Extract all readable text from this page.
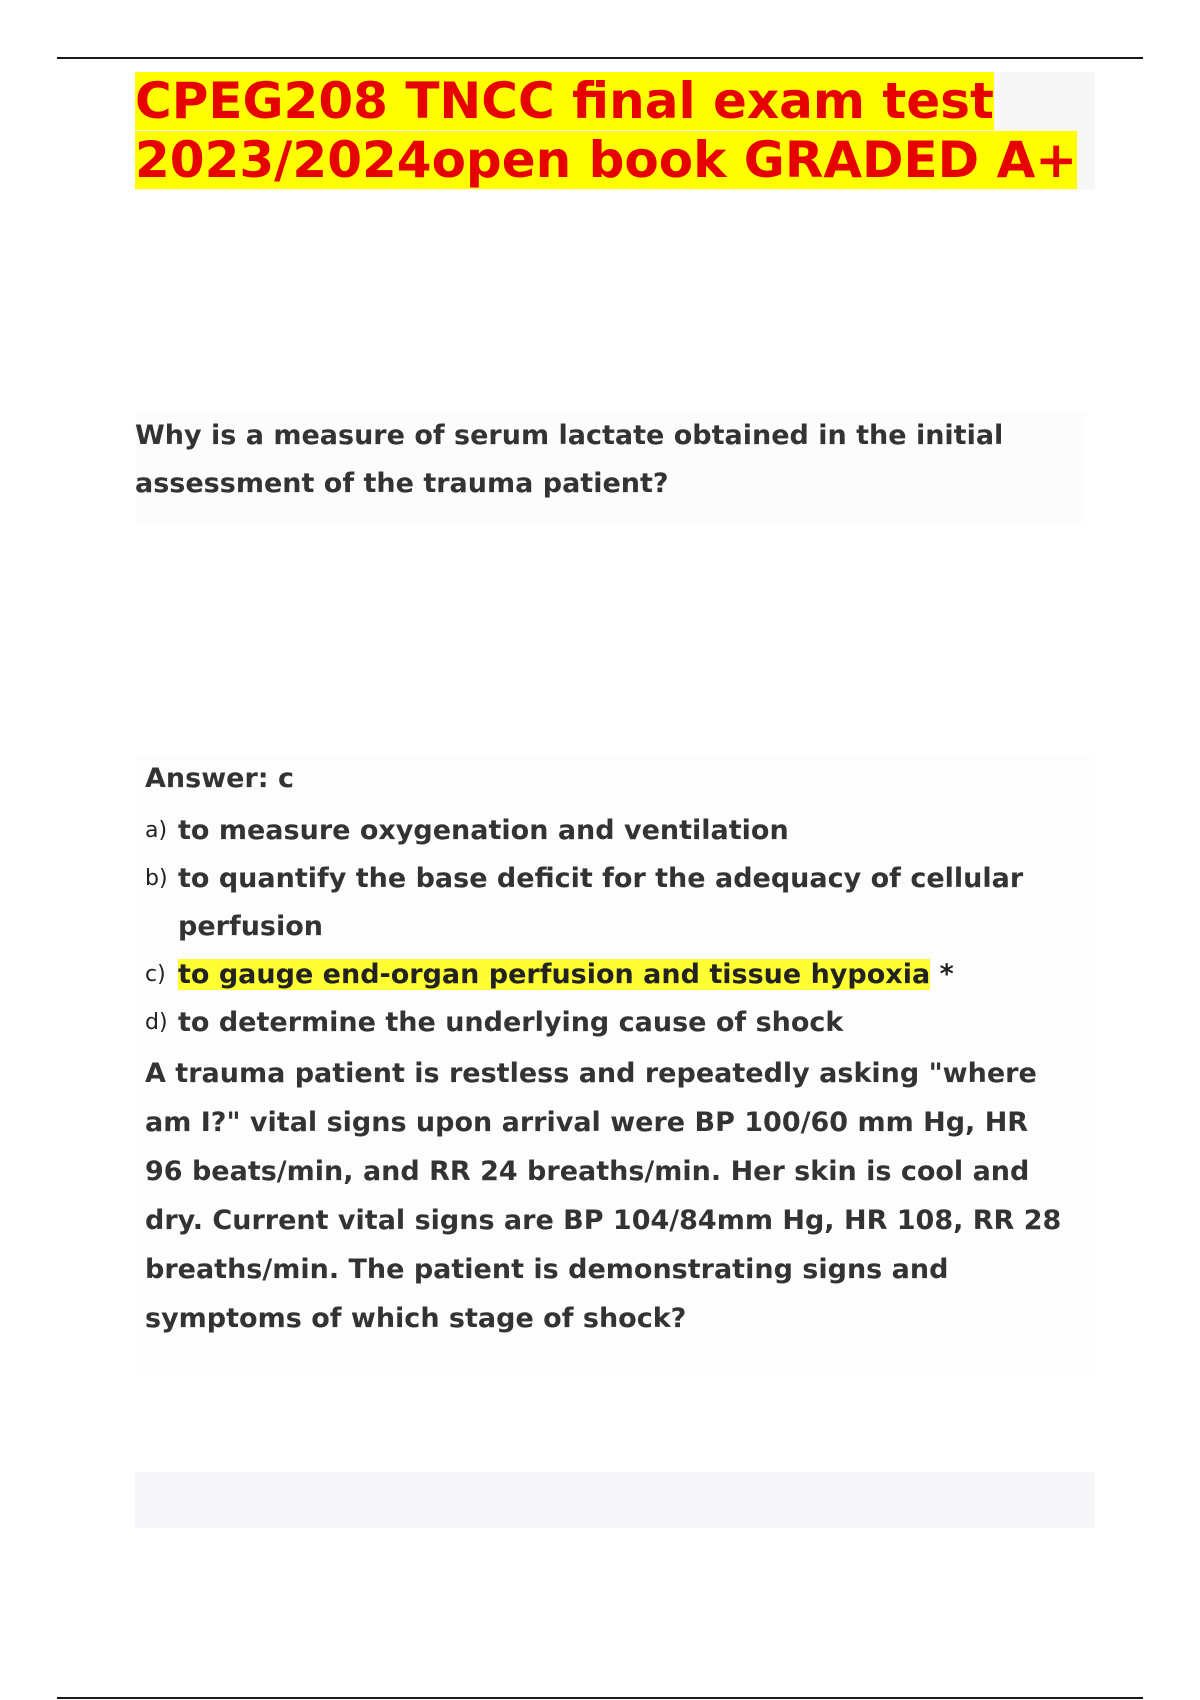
CPEG208 TNCC final exam test
2023/2024open book GRADED A+

Why is a measure of serum lactate obtained in the initial assessment of the trauma patient?

Answer: c

a) to measure oxygenation and ventilation

b) to quantify the base deficit for the adequacy of cellular perfusion

c) to gauge end-organ perfusion and tissue hypoxia *

d) to determine the underlying cause of shock

A trauma patient is restless and repeatedly asking "where am I?" vital signs upon arrival were BP 100/60 mm Hg, HR 96 beats/min, and RR 24 breaths/min. Her skin is cool and dry. Current vital signs are BP 104/84mm Hg, HR 108, RR 28 breaths/min. The patient is demonstrating signs and symptoms of which stage of shock?
